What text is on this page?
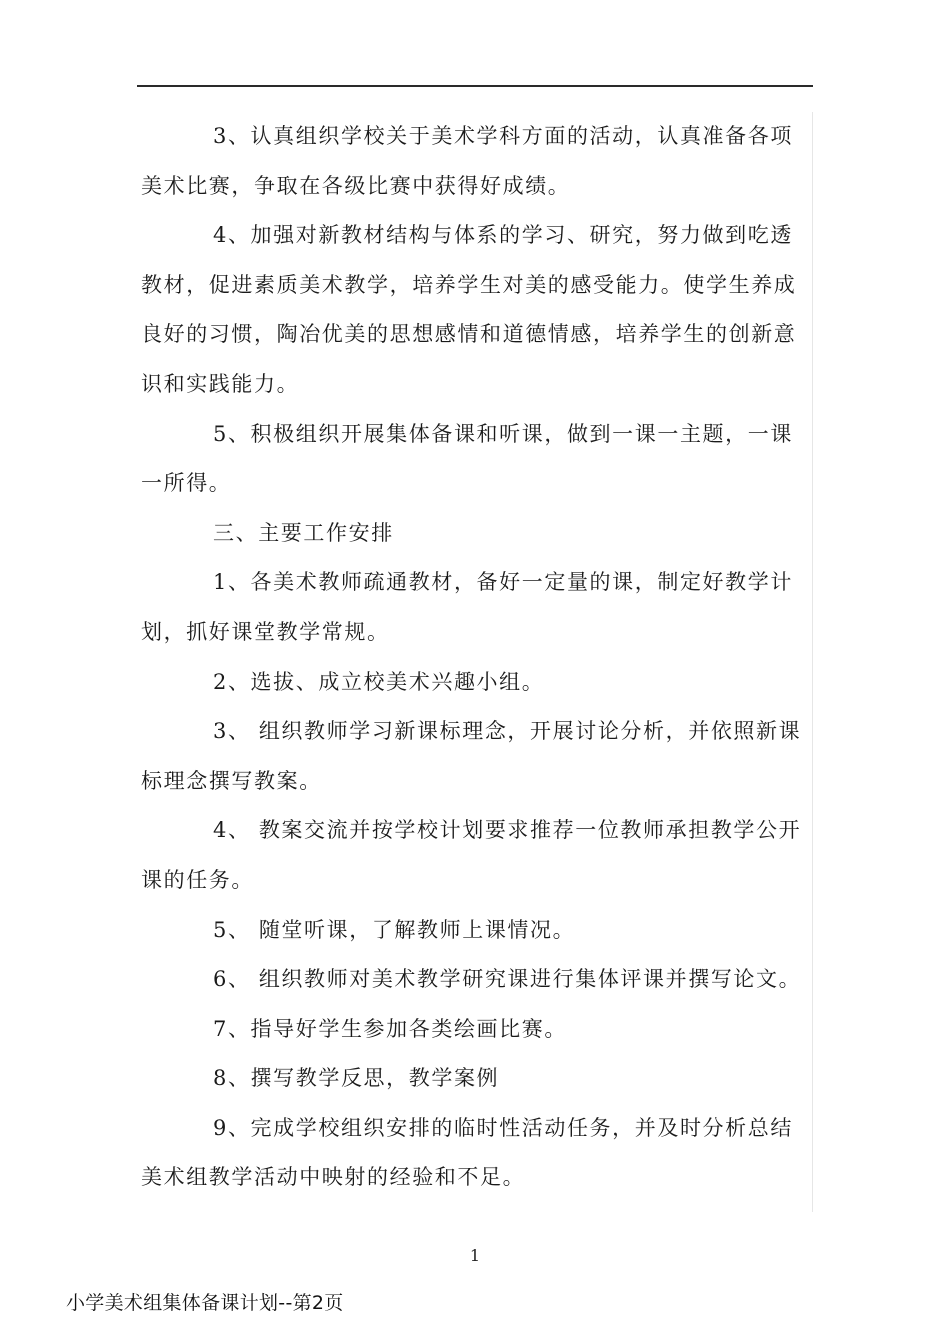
3、认真组织学校关于美术学科方面的活动，认真准备各项美术比赛，争取在各级比赛中获得好成绩。

4、加强对新教材结构与体系的学习、研究，努力做到吃透教材，促进素质美术教学，培养学生对美的感受能力。使学生养成良好的习惯，陶冶优美的思想感情和道德情感，培养学生的创新意识和实践能力。

5、积极组织开展集体备课和听课，做到一课一主题，一课一所得。

三、主要工作安排

1、各美术教师疏通教材，备好一定量的课，制定好教学计划，抓好课堂教学常规。

2、选拔、成立校美术兴趣小组。

3、 组织教师学习新课标理念，开展讨论分析，并依照新课标理念撰写教案。

4、 教案交流并按学校计划要求推荐一位教师承担教学公开课的任务。

5、 随堂听课，了解教师上课情况。

6、 组织教师对美术教学研究课进行集体评课并撰写论文。

7、指导好学生参加各类绘画比赛。

8、撰写教学反思，教学案例

9、完成学校组织安排的临时性活动任务，并及时分析总结美术组教学活动中映射的经验和不足。

1
小学美术组集体备课计划--第2页
